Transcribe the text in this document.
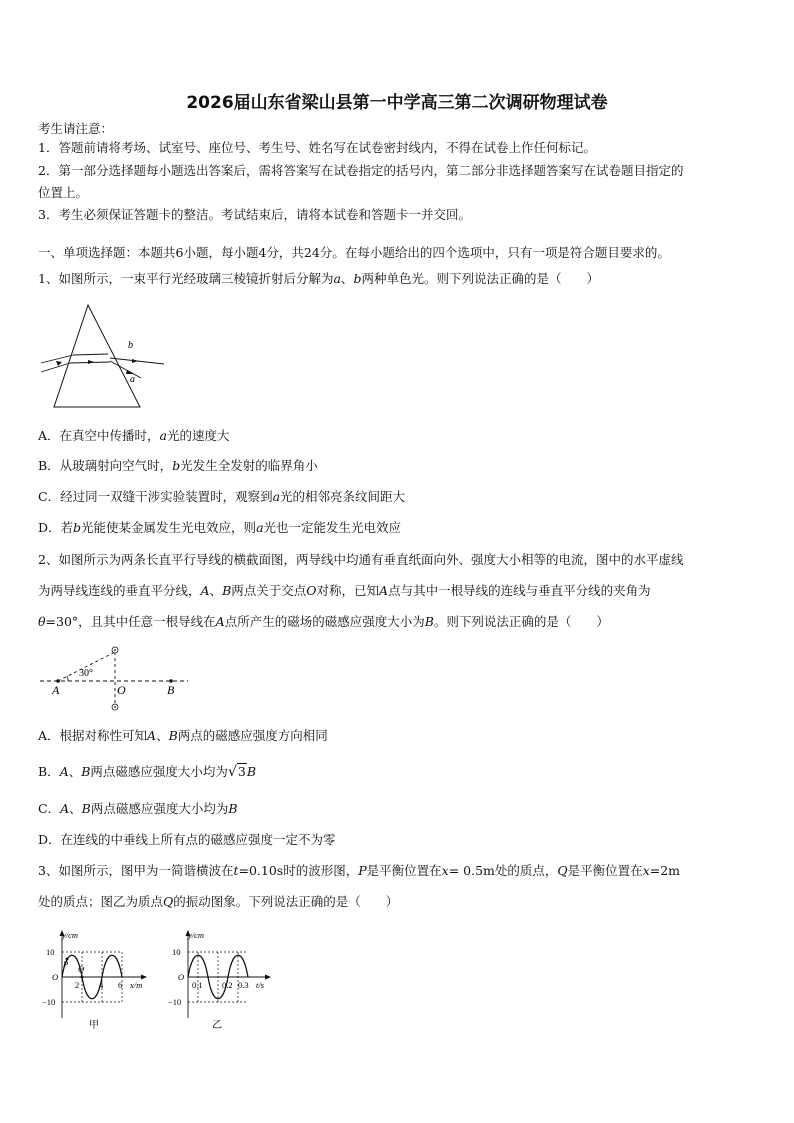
2026届山东省梁山县第一中学高三第二次调研物理试卷
考生请注意：
1．答题前请将考场、试室号、座位号、考生号、姓名写在试卷密封线内，不得在试卷上作任何标记。
2．第一部分选择题每小题选出答案后，需将答案写在试卷指定的括号内，第二部分非选择题答案写在试卷题目指定的
位置上。
3．考生必须保证答题卡的整洁。考试结束后，请将本试卷和答题卡一并交回。
一、单项选择题：本题共6小题，每小题4分，共24分。在每小题给出的四个选项中，只有一项是符合题目要求的。
1、如图所示，一束平行光经玻璃三棱镜折射后分解为a、b两种单色光。则下列说法正确的是（　　）
b
a
A．在真空中传播时，a光的速度大
B．从玻璃射向空气时，b光发生全发射的临界角小
C．经过同一双缝干涉实验装置时，观察到a光的相邻亮条纹间距大
D．若b光能使某金属发生光电效应，则a光也一定能发生光电效应
2、如图所示为两条长直平行导线的横截面图，两导线中均通有垂直纸面向外、强度大小相等的电流，图中的水平虚线
为两导线连线的垂直平分线，A、B两点关于交点O对称，已知A点与其中一根导线的连线与垂直平分线的夹角为
θ=30°，且其中任意一根导线在A点所产生的磁场的磁感应强度大小为B。则下列说法正确的是（　　）
30°
A	O	B
A．根据对称性可知A、B两点的磁感应强度方向相同
B．A、B两点磁感应强度大小均为√3B
C．A、B两点磁感应强度大小均为B
D．在连线的中垂线上所有点的磁感应强度一定不为零
3、如图所示，图甲为一简谐横波在t=0.10s时的波形图，P是平衡位置在x= 0.5m处的质点，Q是平衡位置在x=2m
处的质点；图乙为质点Q的振动图象。下列说法正确的是（　　）
y/cm
x/m
10
−10
O
2 4 6
P Q
甲
y/cm
t/s
10
−10
O
0.1 0.2 0.3
乙
